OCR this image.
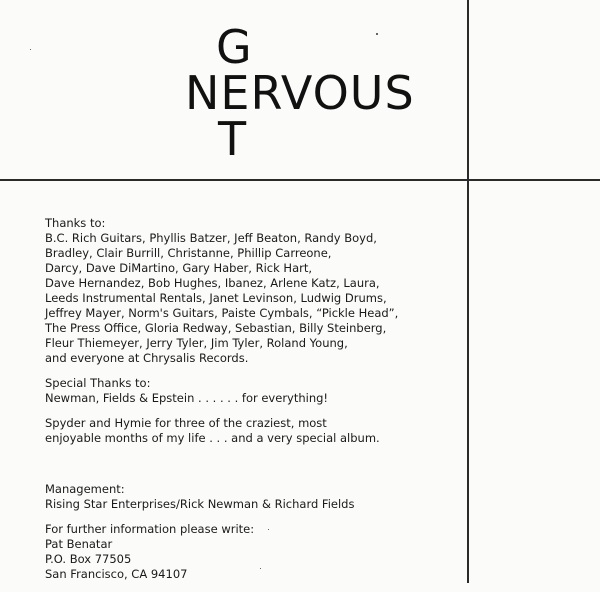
G
NERVOUS
T

Thanks to:

B.C. Rich Guitars, Phyllis Batzer, Jeff Beaton, Randy Boyd,

Bradley, Clair Burrill, Christanne, Phillip Carreone,

Darcy, Dave DiMartino, Gary Haber, Rick Hart,

Dave Hernandez, Bob Hughes, Ibanez, Arlene Katz, Laura,

Leeds Instrumental Rentals, Janet Levinson, Ludwig Drums,

Jeffrey Mayer, Norm's Guitars, Paiste Cymbals, “Pickle Head”,

The Press Office, Gloria Redway, Sebastian, Billy Steinberg,

Fleur Thiemeyer, Jerry Tyler, Jim Tyler, Roland Young,

and everyone at Chrysalis Records.

Special Thanks to:

Newman, Fields & Epstein . . . . . . for everything!

Spyder and Hymie for three of the craziest, most

enjoyable months of my life . . . and a very special album.

Management:

Rising Star Enterprises/Rick Newman & Richard Fields

For further information please write:

Pat Benatar

P.O. Box 77505

San Francisco, CA 94107
